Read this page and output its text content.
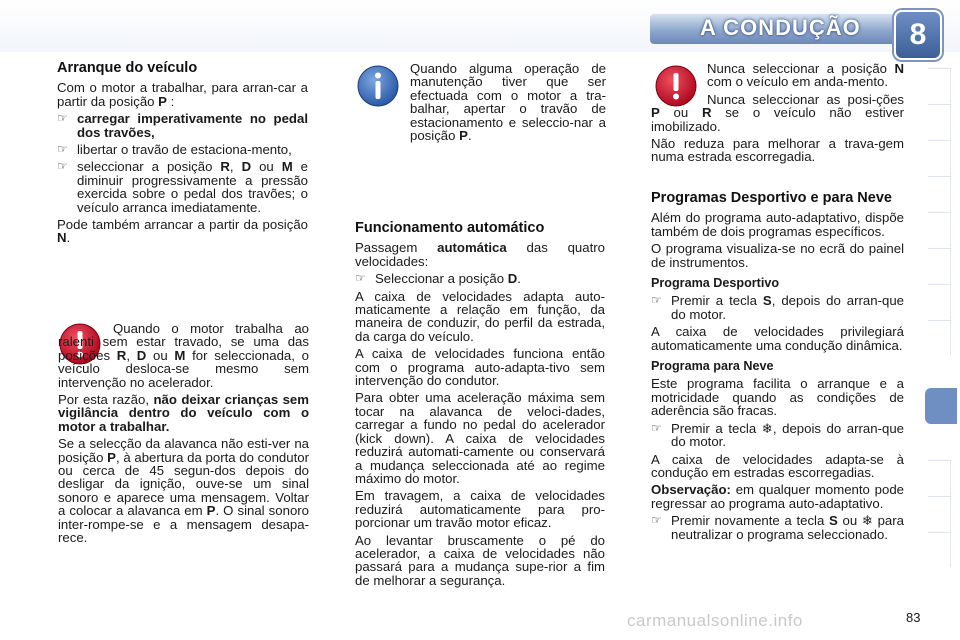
A CONDUÇÃO	8
Arranque do veículo

Com o motor a trabalhar, para arran-car a partir da posição P :

☞ carregar imperativamente no pedal dos travões,
☞ libertar o travão de estaciona-mento,
☞ seleccionar a posição R, D ou M e diminuir progressivamente a pressão exercida sobre o pedal dos travões; o veículo arranca imediatamente.

Pode também arrancar a partir da posição N.

Quando o motor trabalha ao ralenti sem estar travado, se uma das posições R, D ou M for seleccionada, o veículo desloca-se mesmo sem intervenção no acelerador.

Por esta razão, não deixar crianças sem vigilância dentro do veículo com o motor a trabalhar.

Se a selecção da alavanca não esti-ver na posição P, à abertura da porta do condutor ou cerca de 45 segun-dos depois do desligar da ignição, ouve-se um sinal sonoro e aparece uma mensagem. Voltar a colocar a alavanca em P. O sinal sonoro inter-rompe-se e a mensagem desapa-rece.

Quando alguma operação de manutenção tiver que ser efectuada com o motor a tra-balhar, apertar o travão de estacionamento e seleccio-nar a posição P.
Funcionamento automático

Passagem automática das quatro velocidades:

☞ Seleccionar a posição D.

A caixa de velocidades adapta auto-maticamente a relação em função, da maneira de conduzir, do perfil da estrada, da carga do veículo.

A caixa de velocidades funciona então com o programa auto-adapta-tivo sem intervenção do condutor.

Para obter uma aceleração máxima sem tocar na alavanca de veloci-dades, carregar a fundo no pedal do acelerador (kick down). A caixa de velocidades reduzirá automati-camente ou conservará a mudança seleccionada até ao regime máximo do motor.

Em travagem, a caixa de velocidades reduzirá automaticamente para pro-porcionar um travão motor eficaz.

Ao levantar bruscamente o pé do acelerador, a caixa de velocidades não passará para a mudança supe-rior a fim de melhorar a segurança.

Nunca seleccionar a posição N com o veículo em anda-mento.

Nunca seleccionar as posi-ções P ou R se o veículo não estiver imobilizado.

Não reduza para melhorar a trava-gem numa estrada escorregadia.

Programas Desportivo e para Neve

Além do programa auto-adaptativo, dispõe também de dois programas específicos.

O programa visualiza-se no ecrã do painel de instrumentos.

Programa Desportivo
☞ Premir a tecla S, depois do arran-que do motor.

A caixa de velocidades privilegiará automaticamente uma condução dinâmica.

Programa para Neve

Este programa facilita o arranque e a motricidade quando as condições de aderência são fracas.

☞ Premir a tecla ❄, depois do arran-que do motor.

A caixa de velocidades adapta-se à condução em estradas escorregadias.

Observação: em qualquer momento pode regressar ao programa auto-adaptativo.

☞ Premir novamente a tecla S ou ❄ para neutralizar o programa seleccionado.
carmanualsonline.info	83
